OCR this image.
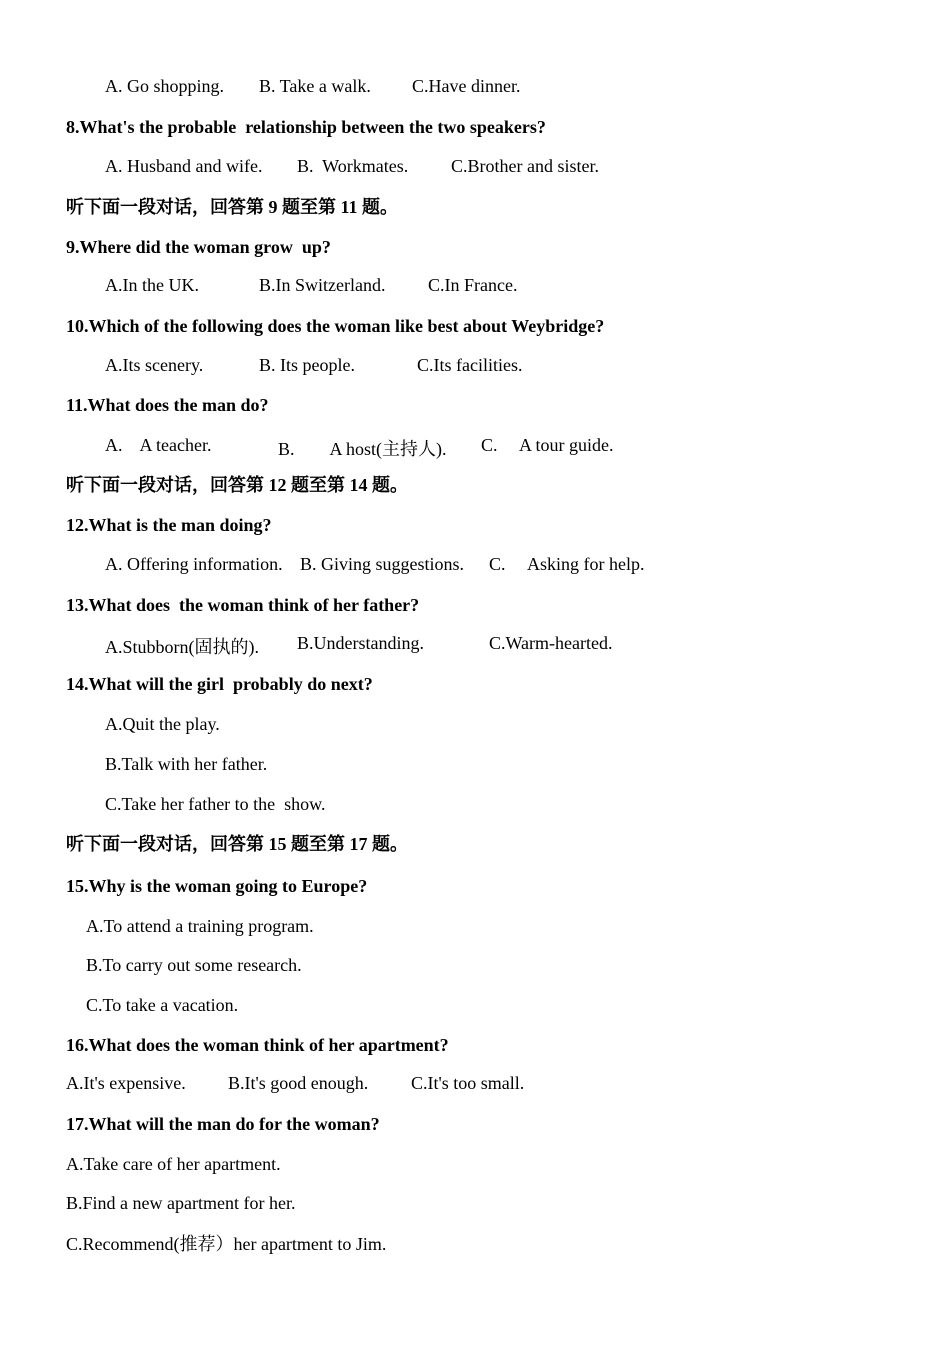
A. Go shopping. B. Take a walk. C.Have dinner.
8.What's the probable  relationship between the two speakers?
A. Husband and wife. B.  Workmates. C.Brother and sister.
听下面一段对话，回答第 9 题至第 11 题。
9.Where did the woman grow  up?
A.In the UK.	B.In Switzerland. C.In France.
10.Which of the following does the woman like best about Weybridge?
A.Its scenery.	B. Its people.	C.Its facilities.
11.What does the man do?
A.    A teacher.	B.        A host(主持人). C.     A tour guide.
听下面一段对话，回答第 12 题至第 14 题。
12.What is the man doing?
A. Offering information. B. Giving suggestions. C.     Asking for help.
13.What does  the woman think of her father?
A.Stubborn(固执的). B.Understanding.	C.Warm-hearted.
14.What will the girl  probably do next?
A.Quit the play.
B.Talk with her father.
C.Take her father to the  show.
听下面一段对话，回答第 15 题至第 17 题。
15.Why is the woman going to Europe?
A.To attend a training program.
B.To carry out some research.
C.To take a vacation.
16.What does the woman think of her apartment?
A.It's expensive. B.It's good enough. C.It's too small.
17.What will the man do for the woman?
A.Take care of her apartment.
B.Find a new apartment for her.
C.Recommend(推荐）her apartment to Jim.
